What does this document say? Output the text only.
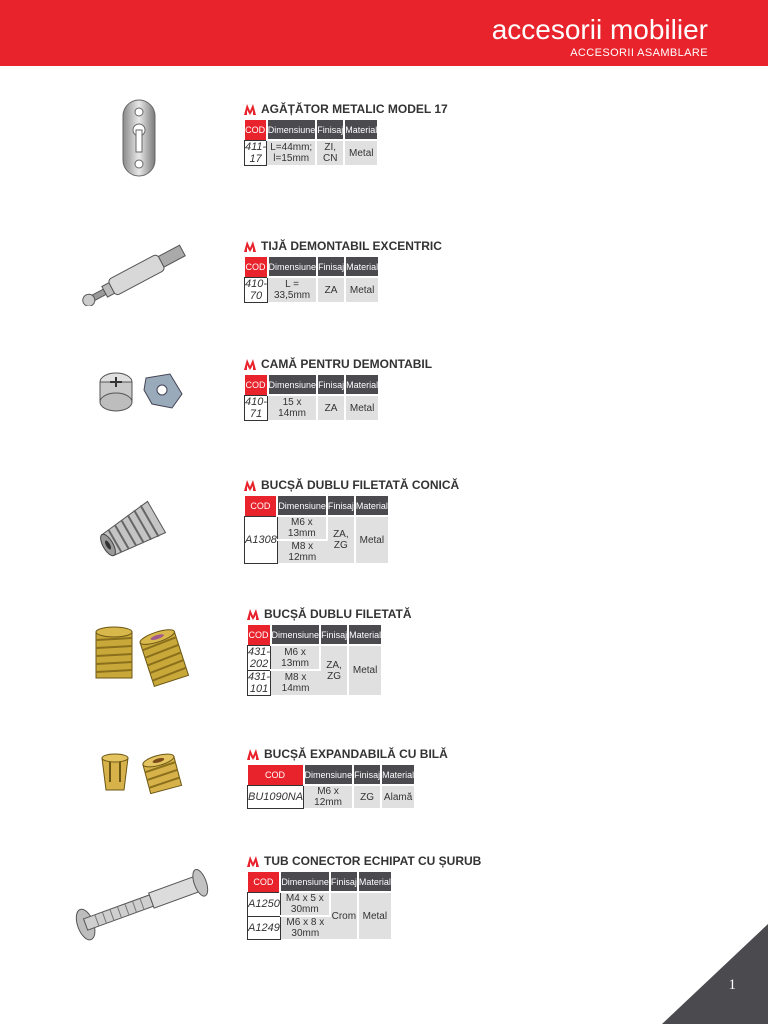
accesorii mobilier
ACCESORII ASAMBLARE
AGĂȚĂTOR METALIC MODEL 17
COD	Dimensiune	Finisaj	Material
411-17	L=44mm; l=15mm	ZI, CN	Metal
TIJĂ DEMONTABIL EXCENTRIC
COD	Dimensiune	Finisaj	Material
410-70	L = 33,5mm	ZA	Metal
CAMĂ PENTRU DEMONTABIL
COD	Dimensiune	Finisaj	Material
410-71	15 x 14mm	ZA	Metal
BUCȘĂ DUBLU FILETATĂ CONICĂ
COD	Dimensiune	Finisaj	Material
A1308	M6 x 13mm	ZA, ZG	Metal
	M8 x 12mm		
BUCȘĂ DUBLU FILETATĂ
COD	Dimensiune	Finisaj	Material
431-202	M6 x 13mm	ZA, ZG	Metal
431-101	M8 x 14mm		
BUCȘĂ EXPANDABILĂ CU BILĂ
COD	Dimensiune	Finisaj	Material
BU1090NA	M6 x 12mm	ZG	Alamă
TUB CONECTOR ECHIPAT CU ȘURUB
COD	Dimensiune	Finisaj	Material
A1250	M4 x 5 x 30mm	Crom	Metal
A1249	M6 x 8 x 30mm		
1
